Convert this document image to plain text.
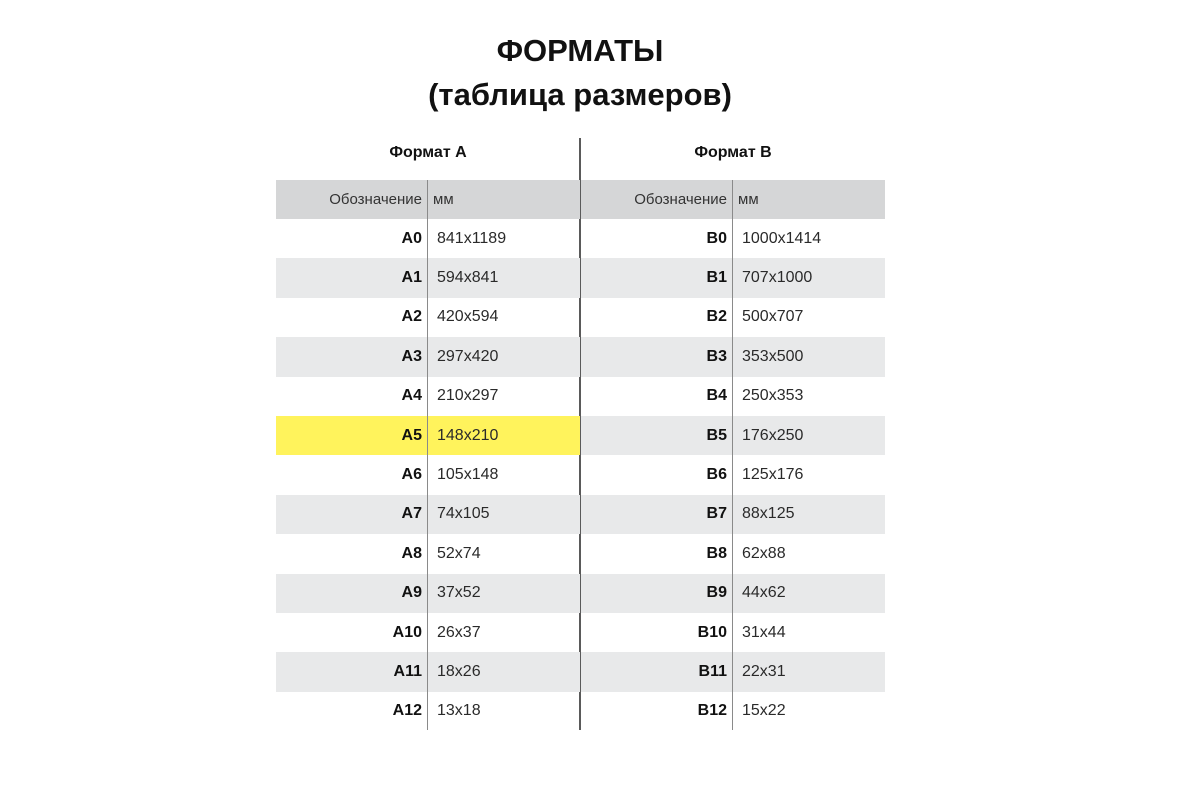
ФОРМАТЫ
(таблица размеров)
Формат А
Обозначение мм
A0 841x1189
A1 594x841
A2 420x594
A3 297x420
A4 210x297
A5 148x210
A6 105x148
A7 74x105
A8 52x74
A9 37x52
A10 26x37
A11 18x26
A12 13x18
Формат В
Обозначение мм
B0 1000x1414
B1 707x1000
B2 500x707
B3 353x500
B4 250x353
B5 176x250
B6 125x176
B7 88x125
B8 62x88
B9 44x62
B10 31x44
B11 22x31
B12 15x22
